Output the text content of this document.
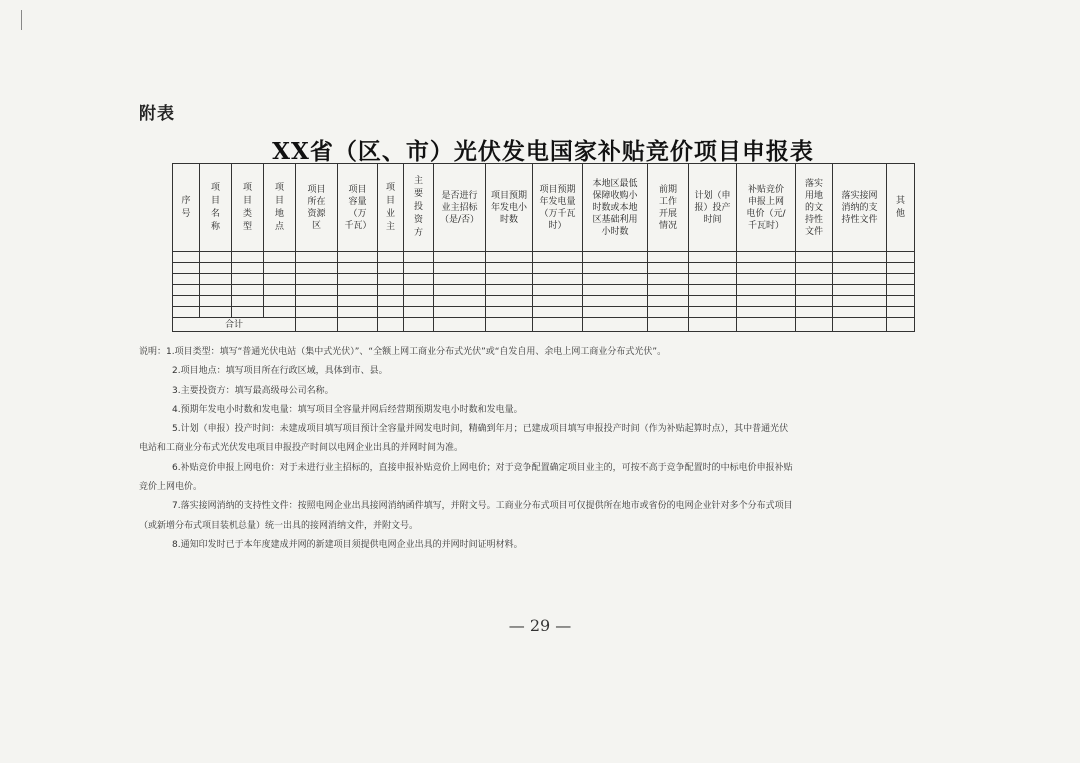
附表
XX省（区、市）光伏发电国家补贴竞价项目申报表
序号	项目名称	项目类型	项目地点	项目所在资源区	项目容量（万千瓦）	项目业主	主要投资方	是否进行业主招标（是/否）	项目预期年发电小时数	项目预期年发电量（万千瓦时）	本地区最低保障收购小时数或本地区基础利用小时数	前期工作开展情况	计划（申报）投产时间	补贴竞价申报上网电价（元/千瓦时）	落实用地的文持性文件	落实接网消纳的支持性文件	其他

合计																	
说明：1.项目类型：填写“普通光伏电站（集中式光伏）”、“全额上网工商业分布式光伏”或“自发自用、余电上网工商业分布式光伏”。
2.项目地点：填写项目所在行政区域，具体到市、县。
3.主要投资方：填写最高级母公司名称。
4.预期年发电小时数和发电量：填写项目全容量并网后经营期预期发电小时数和发电量。
5.计划（申报）投产时间：未建成项目填写项目预计全容量并网发电时间，精确到年月；已建成项目填写申报投产时间（作为补贴起算时点），其中普通光伏
电站和工商业分布式光伏发电项目申报投产时间以电网企业出具的并网时间为准。
6.补贴竞价申报上网电价：对于未进行业主招标的，直接申报补贴竞价上网电价；对于竞争配置确定项目业主的，可按不高于竞争配置时的中标电价申报补贴
竞价上网电价。
7.落实接网消纳的支持性文件：按照电网企业出具接网消纳函件填写，并附文号。工商业分布式项目可仅提供所在地市或省份的电网企业针对多个分布式项目
（或新增分布式项目装机总量）统一出具的接网消纳文件，并附文号。
8.通知印发时已于本年度建成并网的新建项目须提供电网企业出具的并网时间证明材料。
— 29 —
